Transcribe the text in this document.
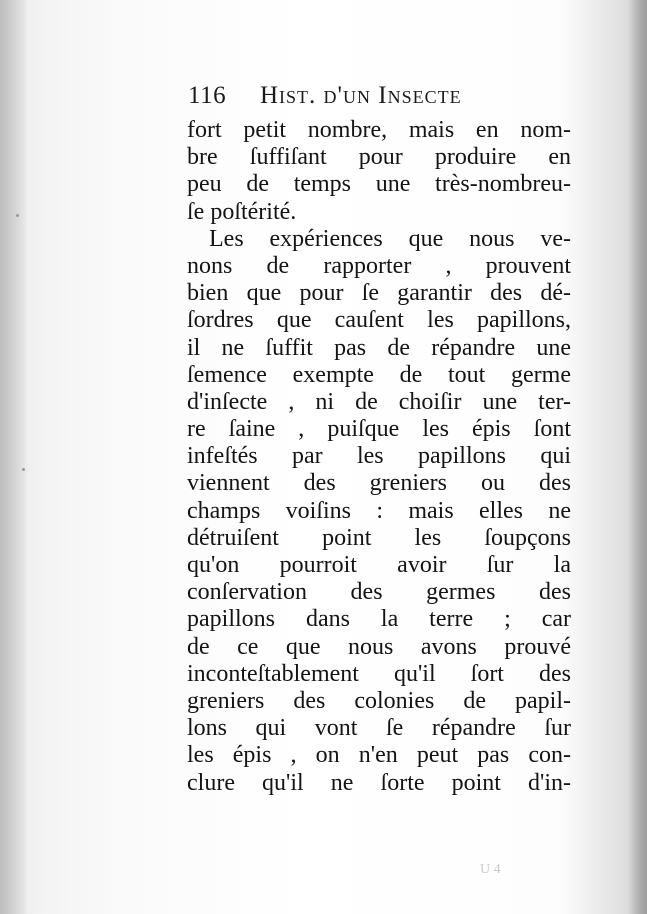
116 Hist. d'un Insecte
fort petit nombre, mais en nom-
bre ſuffiſant pour produire en
peu de temps une très-nombreu-
ſe poſtérité.
Les expériences que nous ve-
nons de rapporter , prouvent
bien que pour ſe garantir des dé-
ſordres que cauſent les papillons,
il ne ſuffit pas de répandre une
ſemence exempte de tout germe
d'inſecte , ni de choiſir une ter-
re ſaine , puiſque les épis ſont
infeſtés par les papillons qui
viennent des greniers ou des
champs voiſins : mais elles ne
détruiſent point les ſoupçons
qu'on pourroit avoir ſur la
conſervation des germes des
papillons dans la terre ; car
de ce que nous avons prouvé
inconteſtablement qu'il ſort des
greniers des colonies de papil-
lons qui vont ſe répandre ſur
les épis , on n'en peut pas con-
clure qu'il ne ſorte point d'in-
U 4
